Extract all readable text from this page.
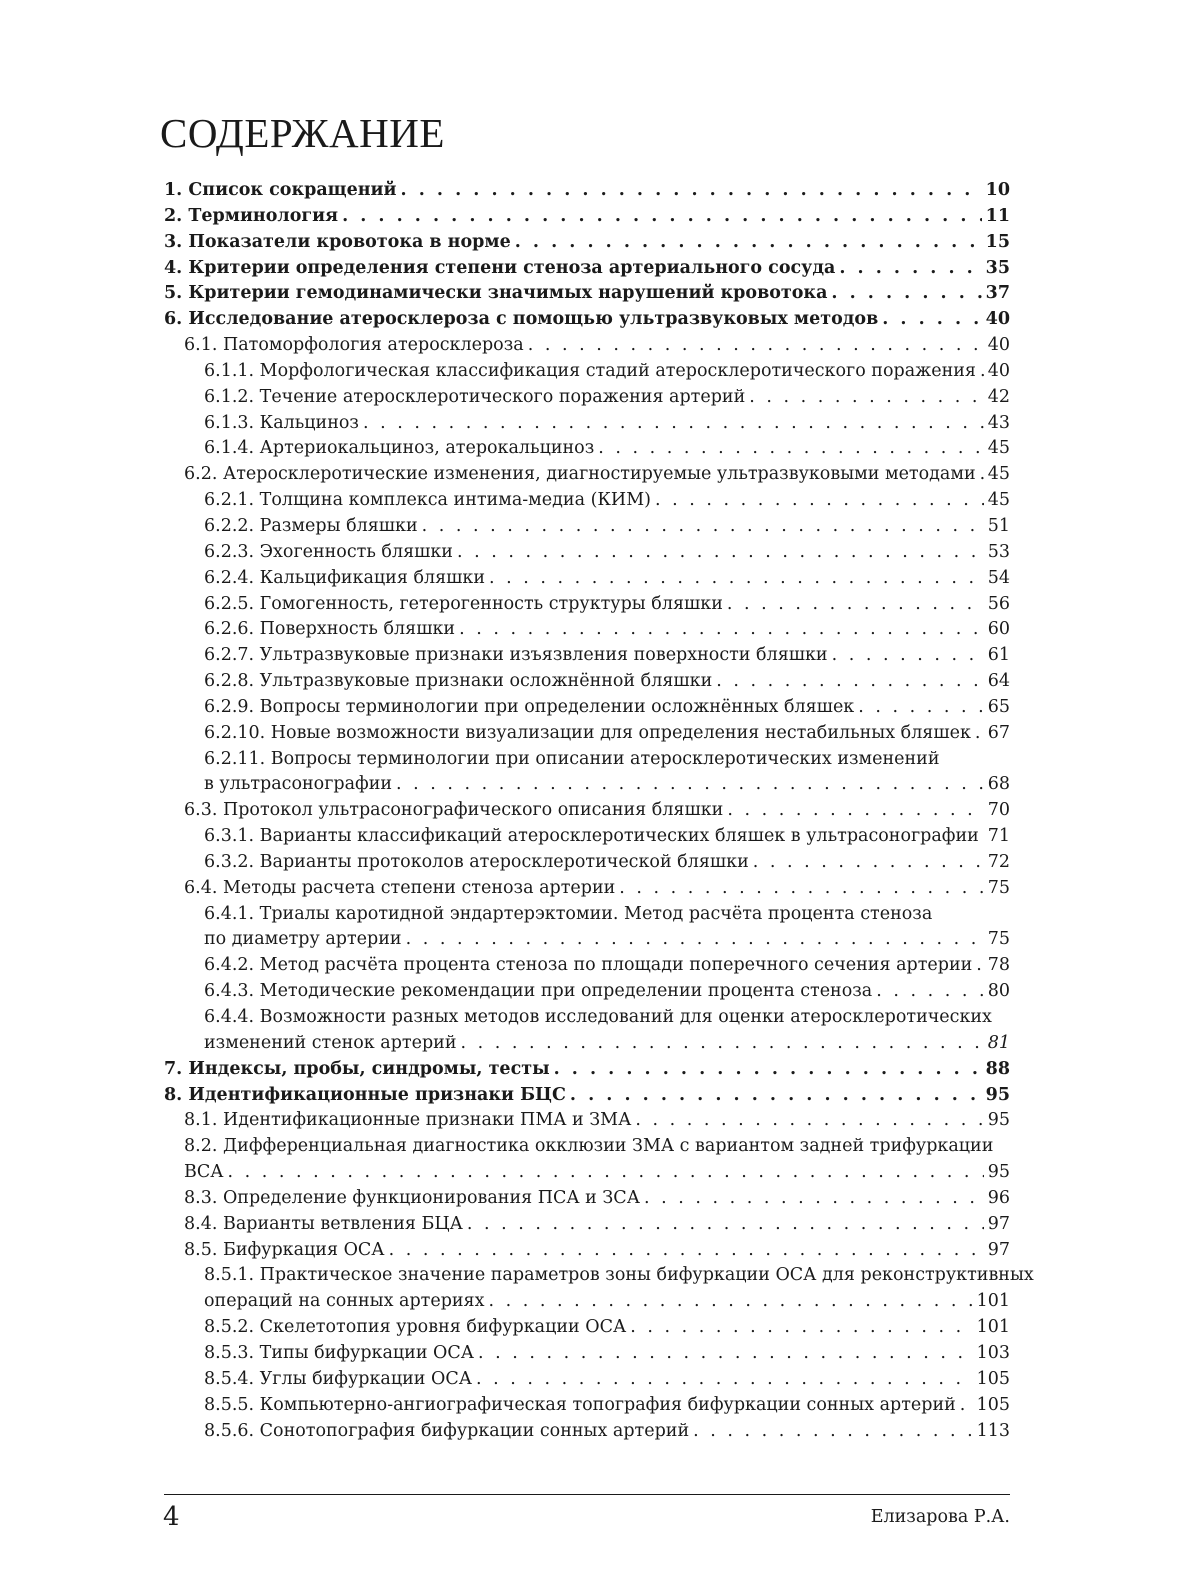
СОДЕРЖАНИЕ
1. Список сокращений . . .	10
2. Терминология . . .	11
3. Показатели кровотока в норме . . .	15
4. Критерии определения степени стеноза артериального сосуда . . .	35
5. Критерии гемодинамически значимых нарушений кровотока . . .	37
6. Исследование атеросклероза с помощью ультразвуковых методов . . .	40
6.1. Патоморфология атеросклероза . . .	40
6.1.1. Морфологическая классификация стадий атеросклеротического поражения . . . 40
6.1.2. Течение атеросклеротического поражения артерий . . .	42
6.1.3. Кальциноз . . .	43
6.1.4. Артериокальциноз, атерокальциноз . . .	45
6.2. Атеросклеротические изменения, диагностируемые ультразвуковыми методами . . . 45
6.2.1. Толщина комплекса интима-медиа (КИМ) . . .	45
6.2.2. Размеры бляшки . . .	51
6.2.3. Эхогенность бляшки . . .	53
6.2.4. Кальцификация бляшки . . .	54
6.2.5. Гомогенность, гетерогенность структуры бляшки . . .	56
6.2.6. Поверхность бляшки . . .	60
6.2.7. Ультразвуковые признаки изъязвления поверхности бляшки . . .	61
6.2.8. Ультразвуковые признаки осложнённой бляшки . . .	64
6.2.9. Вопросы терминологии при определении осложнённых бляшек . . .	65
6.2.10. Новые возможности визуализации для определения нестабильных бляшек . . . 67
6.2.11. Вопросы терминологии при описании атеросклеротических изменений
в ультрасонографии . . .	68
6.3. Протокол ультрасонографического описания бляшки . . .	70
6.3.1. Варианты классификаций атеросклеротических бляшек в ультрасонографии . . . 71
6.3.2. Варианты протоколов атеросклеротической бляшки . . .	72
6.4. Методы расчета степени стеноза артерии . . .	75
6.4.1. Триалы каротидной эндартерэктомии. Метод расчёта процента стеноза
по диаметру артерии . . .	75
6.4.2. Метод расчёта процента стеноза по площади поперечного сечения артерии . . . 78
6.4.3. Методические рекомендации при определении процента стеноза . . .	80
6.4.4. Возможности разных методов исследований для оценки атеросклеротических
изменений стенок артерий . . .	81
7. Индексы, пробы, синдромы, тесты . . .	88
8. Идентификационные признаки БЦС . . .	95
8.1. Идентификационные признаки ПМА и ЗМА . . .	95
8.2. Дифференциальная диагностика окклюзии ЗМА с вариантом задней трифуркации
ВСА . . .	95
8.3. Определение функционирования ПСА и ЗСА . . .	96
8.4. Варианты ветвления БЦА . . .	97
8.5. Бифуркация ОСА . . .	97
8.5.1. Практическое значение параметров зоны бифуркации ОСА для реконструктивных
операций на сонных артериях . . .	101
8.5.2. Скелетотопия уровня бифуркации ОСА . . .	101
8.5.3. Типы бифуркации ОСА . . .	103
8.5.4. Углы бифуркации ОСА . . .	105
8.5.5. Компьютерно-ангиографическая топография бифуркации сонных артерий . . . 105
8.5.6. Сонотопография бифуркации сонных артерий . . .	113
4	Елизарова Р.А.
